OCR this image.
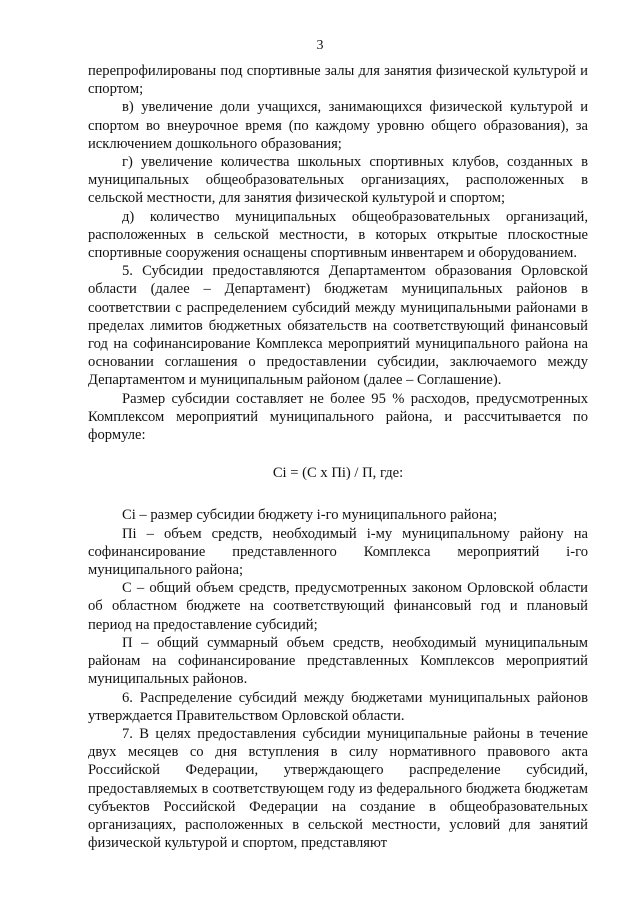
3

перепрофилированы под спортивные залы для занятия физической культурой и спортом;

в) увеличение доли учащихся, занимающихся физической культурой и спортом во внеурочное время (по каждому уровню общего образования), за исключением дошкольного образования;

г) увеличение количества школьных спортивных клубов, созданных в муниципальных общеобразовательных организациях, расположенных в сельской местности, для занятия физической культурой и спортом;

д) количество муниципальных общеобразовательных организаций, расположенных в сельской местности, в которых открытые плоскостные спортивные сооружения оснащены спортивным инвентарем и оборудованием.

5. Субсидии предоставляются Департаментом образования Орловской области (далее – Департамент) бюджетам муниципальных районов в соответствии с распределением субсидий между муниципальными районами в пределах лимитов бюджетных обязательств на соответствующий финансовый год на софинансирование Комплекса мероприятий муниципального района на основании соглашения о предоставлении субсидии, заключаемого между Департаментом и муниципальным районом (далее – Соглашение).

Размер субсидии составляет не более 95 % расходов, предусмотренных Комплексом мероприятий муниципального района, и рассчитывается по формуле:

Ci = (C x Пi) / П, где:

Ci – размер субсидии бюджету i-го муниципального района;

Пi – объем средств, необходимый i-му муниципальному району на софинансирование представленного Комплекса мероприятий i-го муниципального района;

C – общий объем средств, предусмотренных законом Орловской области об областном бюджете на соответствующий финансовый год и плановый период на предоставление субсидий;

П – общий суммарный объем средств, необходимый муниципальным районам на софинансирование представленных Комплексов мероприятий муниципальных районов.

6. Распределение субсидий между бюджетами муниципальных районов утверждается Правительством Орловской области.

7. В целях предоставления субсидии муниципальные районы в течение двух месяцев со дня вступления в силу нормативного правового акта Российской Федерации, утверждающего распределение субсидий, предоставляемых в соответствующем году из федерального бюджета бюджетам субъектов Российской Федерации на создание в общеобразовательных организациях, расположенных в сельской местности, условий для занятий физической культурой и спортом, представляют
